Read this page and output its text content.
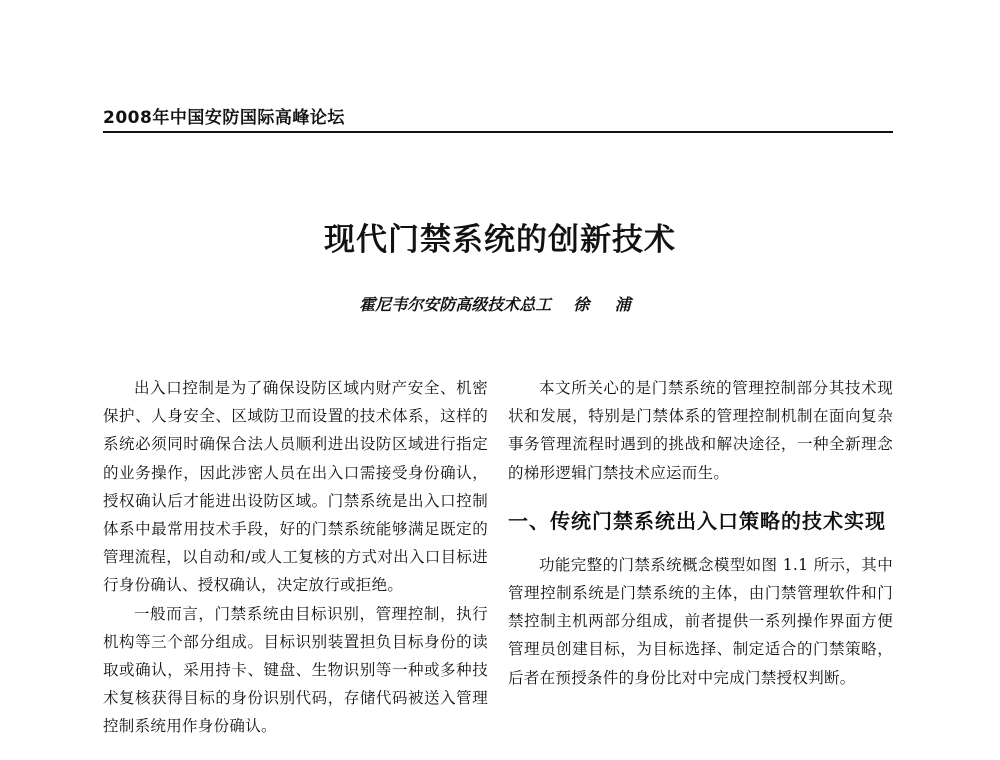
2008年中国安防国际高峰论坛
现代门禁系统的创新技术
霍尼韦尔安防高级技术总工 徐 浦

出入口控制是为了确保设防区域内财产安全、机密保护、人身安全、区域防卫而设置的技术体系，这样的系统必须同时确保合法人员顺利进出设防区域进行指定的业务操作，因此涉密人员在出入口需接受身份确认，授权确认后才能进出设防区域。门禁系统是出入口控制体系中最常用技术手段，好的门禁系统能够满足既定的管理流程，以自动和/或人工复核的方式对出入口目标进行身份确认、授权确认，决定放行或拒绝。

一般而言，门禁系统由目标识别，管理控制，执行机构等三个部分组成。目标识别装置担负目标身份的读取或确认，采用持卡、键盘、生物识别等一种或多种技术复核获得目标的身份识别代码，存储代码被送入管理控制系统用作身份确认。

本文所关心的是门禁系统的管理控制部分其技术现状和发展，特别是门禁体系的管理控制机制在面向复杂事务管理流程时遇到的挑战和解决途径，一种全新理念的梯形逻辑门禁技术应运而生。

一、传统门禁系统出入口策略的技术实现

功能完整的门禁系统概念模型如图 1.1 所示，其中管理控制系统是门禁系统的主体，由门禁管理软件和门禁控制主机两部分组成，前者提供一系列操作界面方便管理员创建目标，为目标选择、制定适合的门禁策略，后者在预授条件的身份比对中完成门禁授权判断。
